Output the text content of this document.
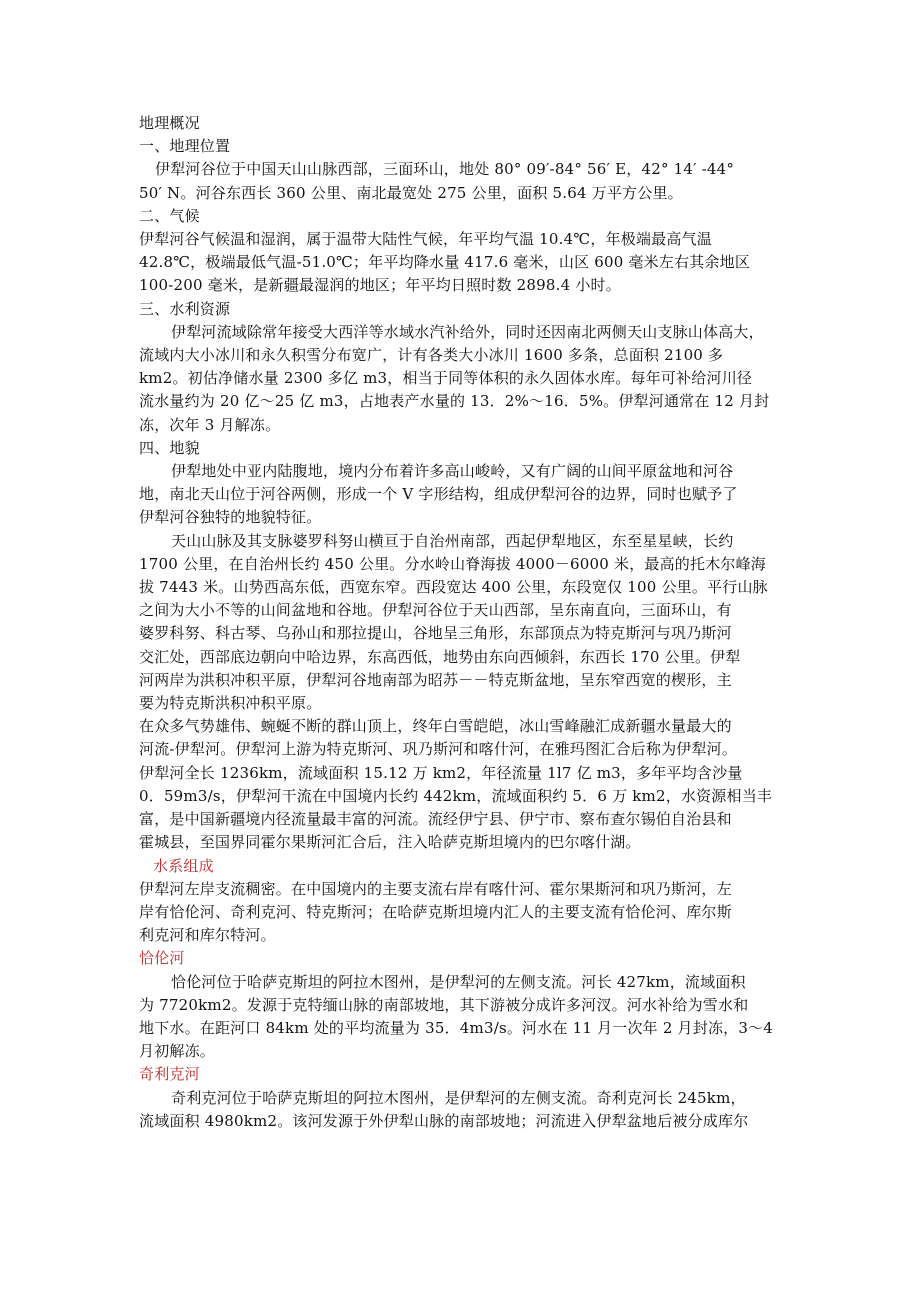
地理概况

一、地理位置

伊犁河谷位于中国天山山脉西部，三面环山，地处 80° 09′-84° 56′ E，42° 14′ -44°

50′ N。河谷东西长 360 公里、南北最宽处 275 公里，面积 5.64 万平方公里。

二、气候

伊犁河谷气候温和湿润，属于温带大陆性气候，年平均气温 10.4℃，年极端最高气温

42.8℃，极端最低气温-51.0℃；年平均降水量 417.6 毫米，山区 600 毫米左右其余地区

100-200 毫米，是新疆最湿润的地区；年平均日照时数 2898.4 小时。

三、水利资源

伊犁河流域除常年接受大西洋等水域水汽补给外，同时还因南北两侧天山支脉山体高大，

流域内大小冰川和永久积雪分布宽广，计有各类大小冰川 1600 多条，总面积 2100 多

km2。初估净储水量 2300 多亿 m3，相当于同等体积的永久固体水库。每年可补给河川径

流水量约为 20 亿～25 亿 m3，占地表产水量的 13．2%～16．5%。伊犁河通常在 12 月封

冻，次年 3 月解冻。

四、地貌

伊犁地处中亚内陆腹地，境内分布着许多高山峻岭，又有广阔的山间平原盆地和河谷

地，南北天山位于河谷两侧，形成一个 V 字形结构，组成伊犁河谷的边界，同时也赋予了

伊犁河谷独特的地貌特征。

天山山脉及其支脉婆罗科努山横亘于自治州南部，西起伊犁地区，东至星星峡，长约

1700 公里，在自治州长约 450 公里。分水岭山脊海拔 4000－6000 米，最高的托木尔峰海

拔 7443 米。山势西高东低，西宽东窄。西段宽达 400 公里，东段宽仅 100 公里。平行山脉

之间为大小不等的山间盆地和谷地。伊犁河谷位于天山西部，呈东南直向，三面环山，有

婆罗科努、科古琴、乌孙山和那拉提山，谷地呈三角形，东部顶点为特克斯河与巩乃斯河

交汇处，西部底边朝向中哈边界，东高西低，地势由东向西倾斜，东西长 170 公里。伊犁

河两岸为洪积冲积平原，伊犁河谷地南部为昭苏－－特克斯盆地，呈东窄西宽的楔形，主

要为特克斯洪积冲积平原。

在众多气势雄伟、蜿蜒不断的群山顶上，终年白雪皑皑，冰山雪峰融汇成新疆水量最大的

河流-伊犁河。伊犁河上游为特克斯河、巩乃斯河和喀什河，在雅玛图汇合后称为伊犁河。

伊犁河全长 1236km，流域面积 15.12 万 km2，年径流量 1l7 亿 m3，多年平均含沙量

0．59m3/s，伊犁河干流在中国境内长约 442km，流域面积约 5．6 万 km2，水资源相当丰

富，是中国新疆境内径流量最丰富的河流。流经伊宁县、伊宁市、察布查尔锡伯自治县和

霍城县，至国界同霍尔果斯河汇合后，注入哈萨克斯坦境内的巴尔喀什湖。

水系组成

伊犁河左岸支流稠密。在中国境内的主要支流右岸有喀什河、霍尔果斯河和巩乃斯河，左

岸有恰伦河、奇利克河、特克斯河；在哈萨克斯坦境内汇人的主要支流有恰伦河、库尔斯

利克河和库尔特河。

恰伦河

恰伦河位于哈萨克斯坦的阿拉木图州，是伊犁河的左侧支流。河长 427km，流域面积

为 7720km2。发源于克特缅山脉的南部坡地，其下游被分成许多河汊。河水补给为雪水和

地下水。在距河口 84km 处的平均流量为 35．4m3/s。河水在 11 月一次年 2 月封冻，3～4

月初解冻。

奇利克河

奇利克河位于哈萨克斯坦的阿拉木图州，是伊犁河的左侧支流。奇利克河长 245km，

流域面积 4980km2。该河发源于外伊犁山脉的南部坡地；河流进入伊犁盆地后被分成库尔
